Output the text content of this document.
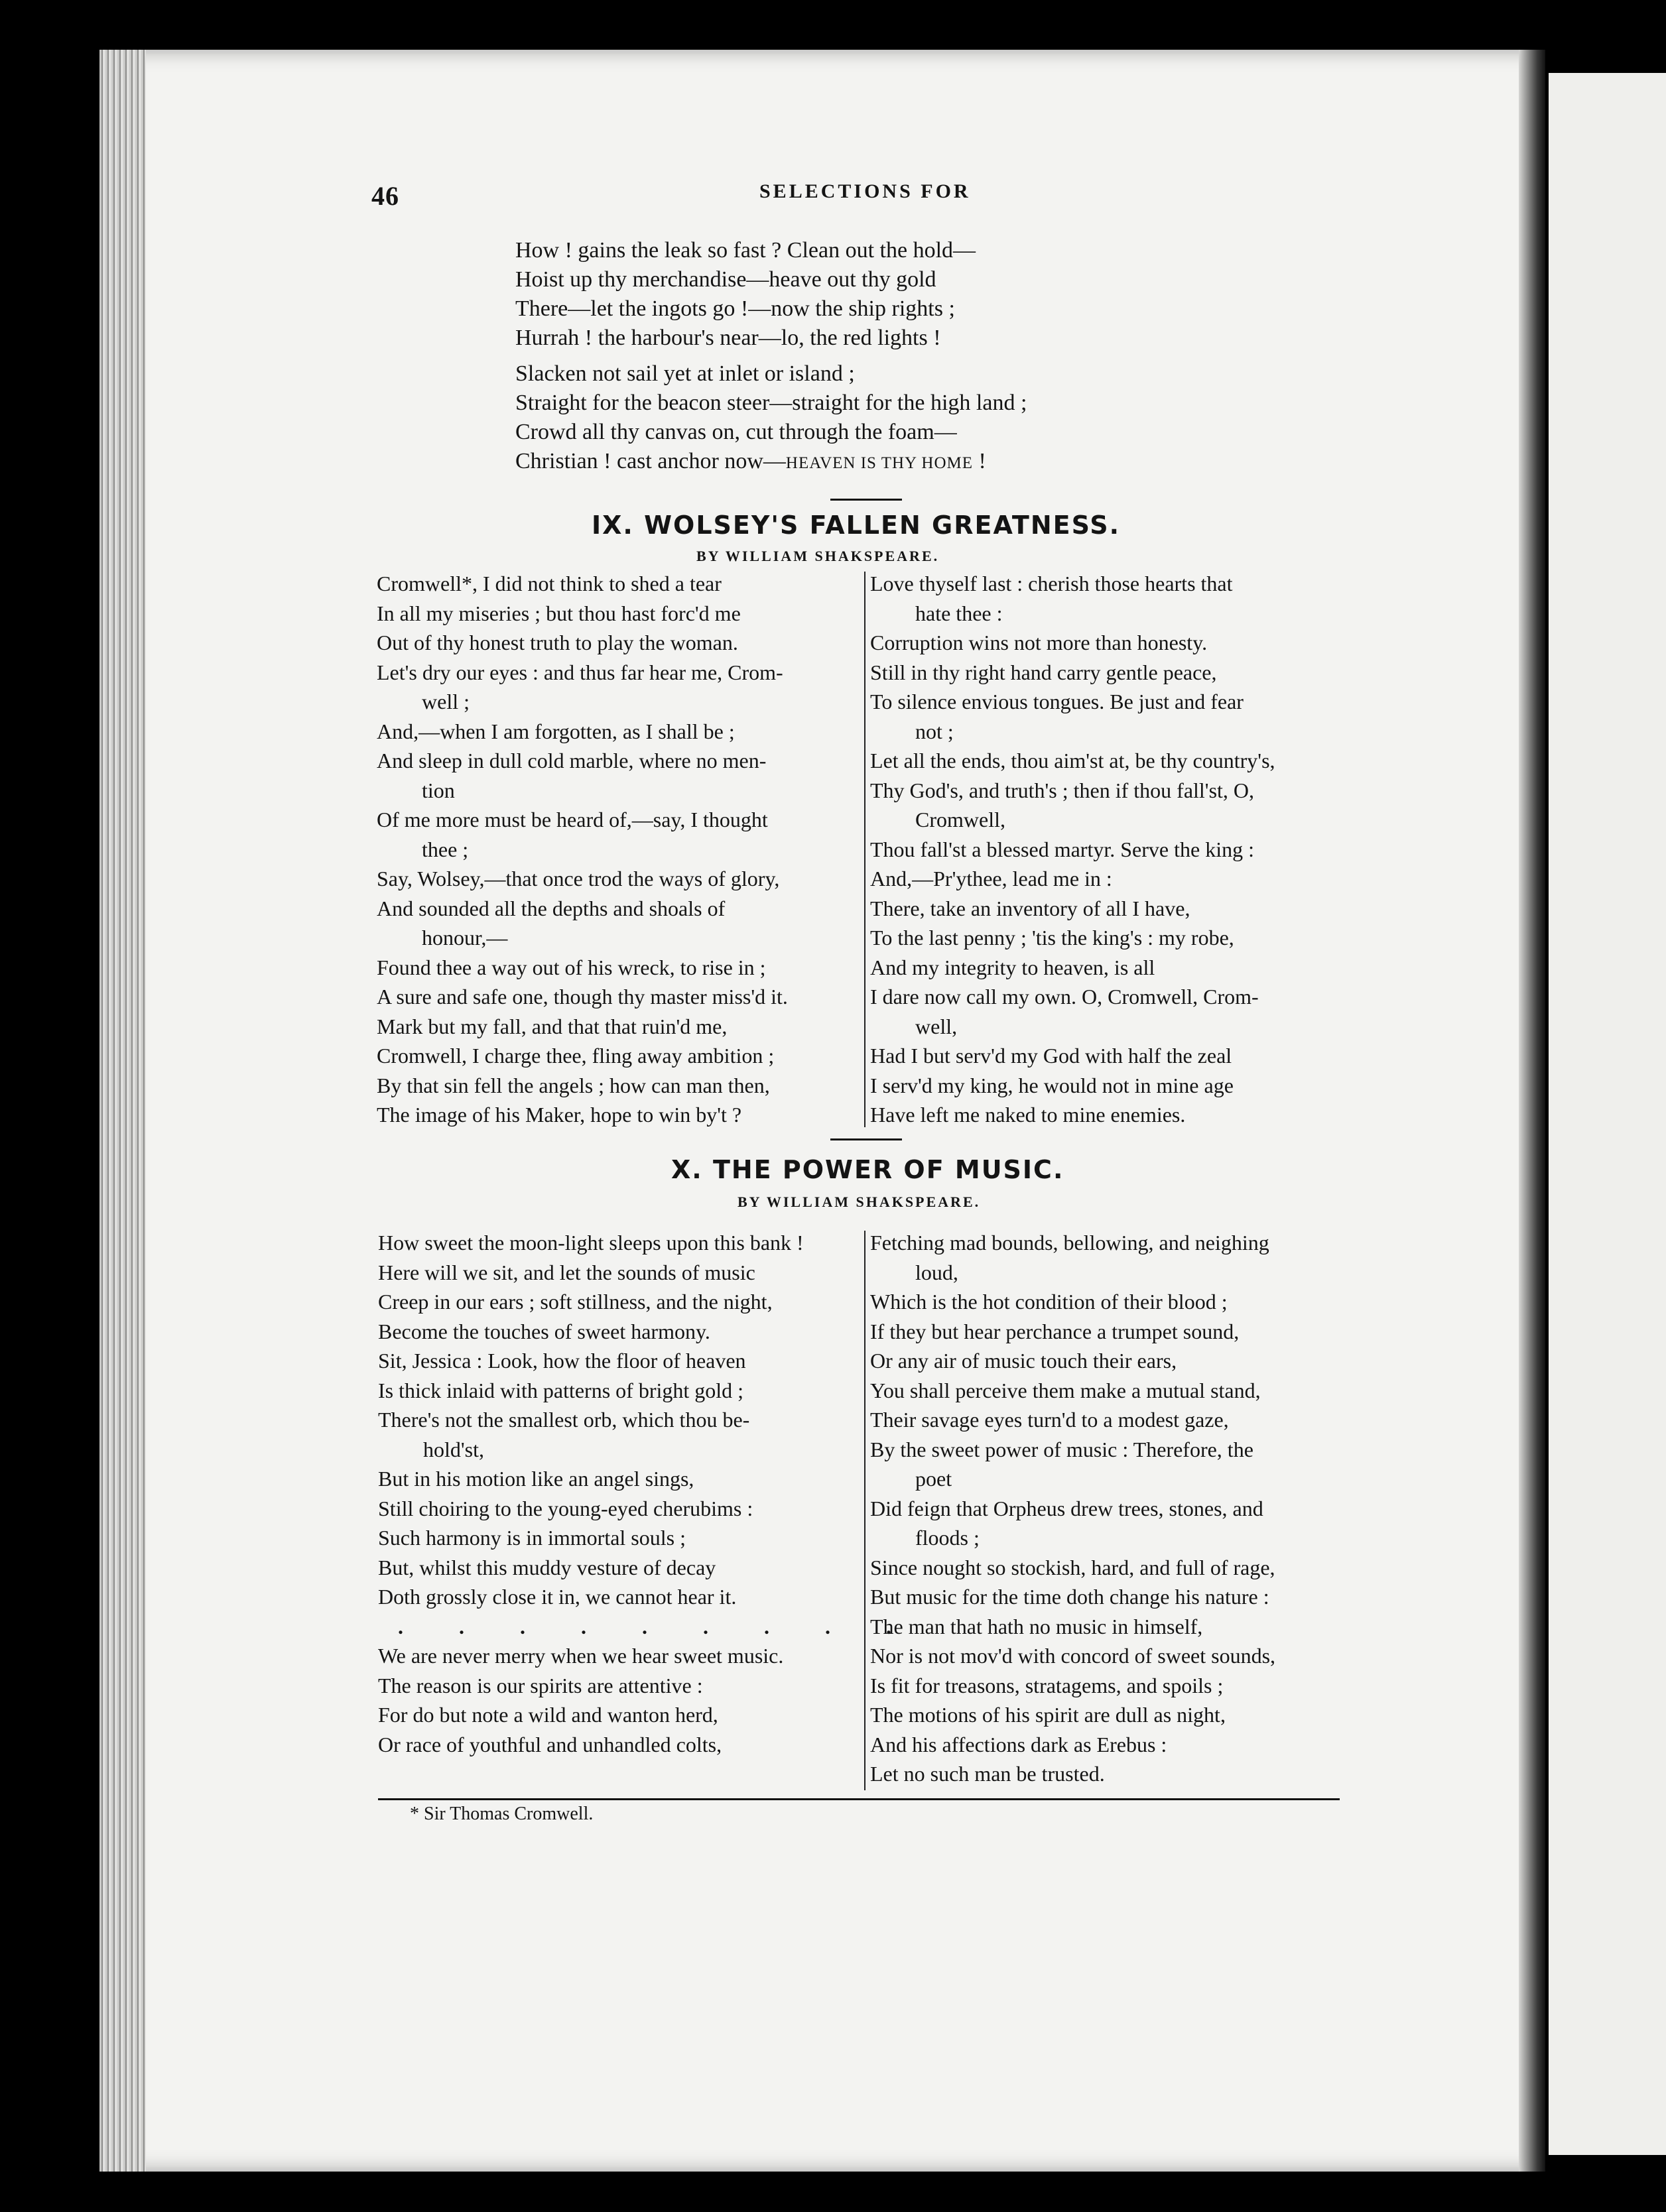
46	SELECTIONS FOR
How ! gains the leak so fast ? Clean out the hold—
Hoist up thy merchandise—heave out thy gold
There—let the ingots go !—now the ship rights ;
Hurrah ! the harbour's near—lo, the red lights !
Slacken not sail yet at inlet or island ;
Straight for the beacon steer—straight for the high land ;
Crowd all thy canvas on, cut through the foam—
Christian ! cast anchor now—HEAVEN IS THY HOME !
IX. WOLSEY'S FALLEN GREATNESS.
BY WILLIAM SHAKSPEARE.
Cromwell*, I did not think to shed a tear
In all my miseries ; but thou hast forc'd me
Out of thy honest truth to play the woman.
Let's dry our eyes : and thus far hear me, Crom-
well ;
And,—when I am forgotten, as I shall be ;
And sleep in dull cold marble, where no men-
tion
Of me more must be heard of,—say, I thought
thee ;
Say, Wolsey,—that once trod the ways of glory,
And sounded all the depths and shoals of
honour,—
Found thee a way out of his wreck, to rise in ;
A sure and safe one, though thy master miss'd it.
Mark but my fall, and that that ruin'd me,
Cromwell, I charge thee, fling away ambition ;
By that sin fell the angels ; how can man then,
The image of his Maker, hope to win by't ?
Love thyself last : cherish those hearts that
hate thee :
Corruption wins not more than honesty.
Still in thy right hand carry gentle peace,
To silence envious tongues. Be just and fear
not ;
Let all the ends, thou aim'st at, be thy country's,
Thy God's, and truth's ; then if thou fall'st, O,
Cromwell,
Thou fall'st a blessed martyr. Serve the king :
And,—Pr'ythee, lead me in :
There, take an inventory of all I have,
To the last penny ; 'tis the king's : my robe,
And my integrity to heaven, is all
I dare now call my own. O, Cromwell, Crom-
well,
Had I but serv'd my God with half the zeal
I serv'd my king, he would not in mine age
Have left me naked to mine enemies.
X. THE POWER OF MUSIC.
BY WILLIAM SHAKSPEARE.
How sweet the moon-light sleeps upon this bank !
Here will we sit, and let the sounds of music
Creep in our ears ; soft stillness, and the night,
Become the touches of sweet harmony.
Sit, Jessica : Look, how the floor of heaven
Is thick inlaid with patterns of bright gold ;
There's not the smallest orb, which thou be-
hold'st,
But in his motion like an angel sings,
Still choiring to the young-eyed cherubims :
Such harmony is in immortal souls ;
But, whilst this muddy vesture of decay
Doth grossly close it in, we cannot hear it.
. . . . . . . . .
We are never merry when we hear sweet music.
The reason is our spirits are attentive :
For do but note a wild and wanton herd,
Or race of youthful and unhandled colts,
Fetching mad bounds, bellowing, and neighing
loud,
Which is the hot condition of their blood ;
If they but hear perchance a trumpet sound,
Or any air of music touch their ears,
You shall perceive them make a mutual stand,
Their savage eyes turn'd to a modest gaze,
By the sweet power of music : Therefore, the
poet
Did feign that Orpheus drew trees, stones, and
floods ;
Since nought so stockish, hard, and full of rage,
But music for the time doth change his nature :
The man that hath no music in himself,
Nor is not mov'd with concord of sweet sounds,
Is fit for treasons, stratagems, and spoils ;
The motions of his spirit are dull as night,
And his affections dark as Erebus :
Let no such man be trusted.
* Sir Thomas Cromwell.
